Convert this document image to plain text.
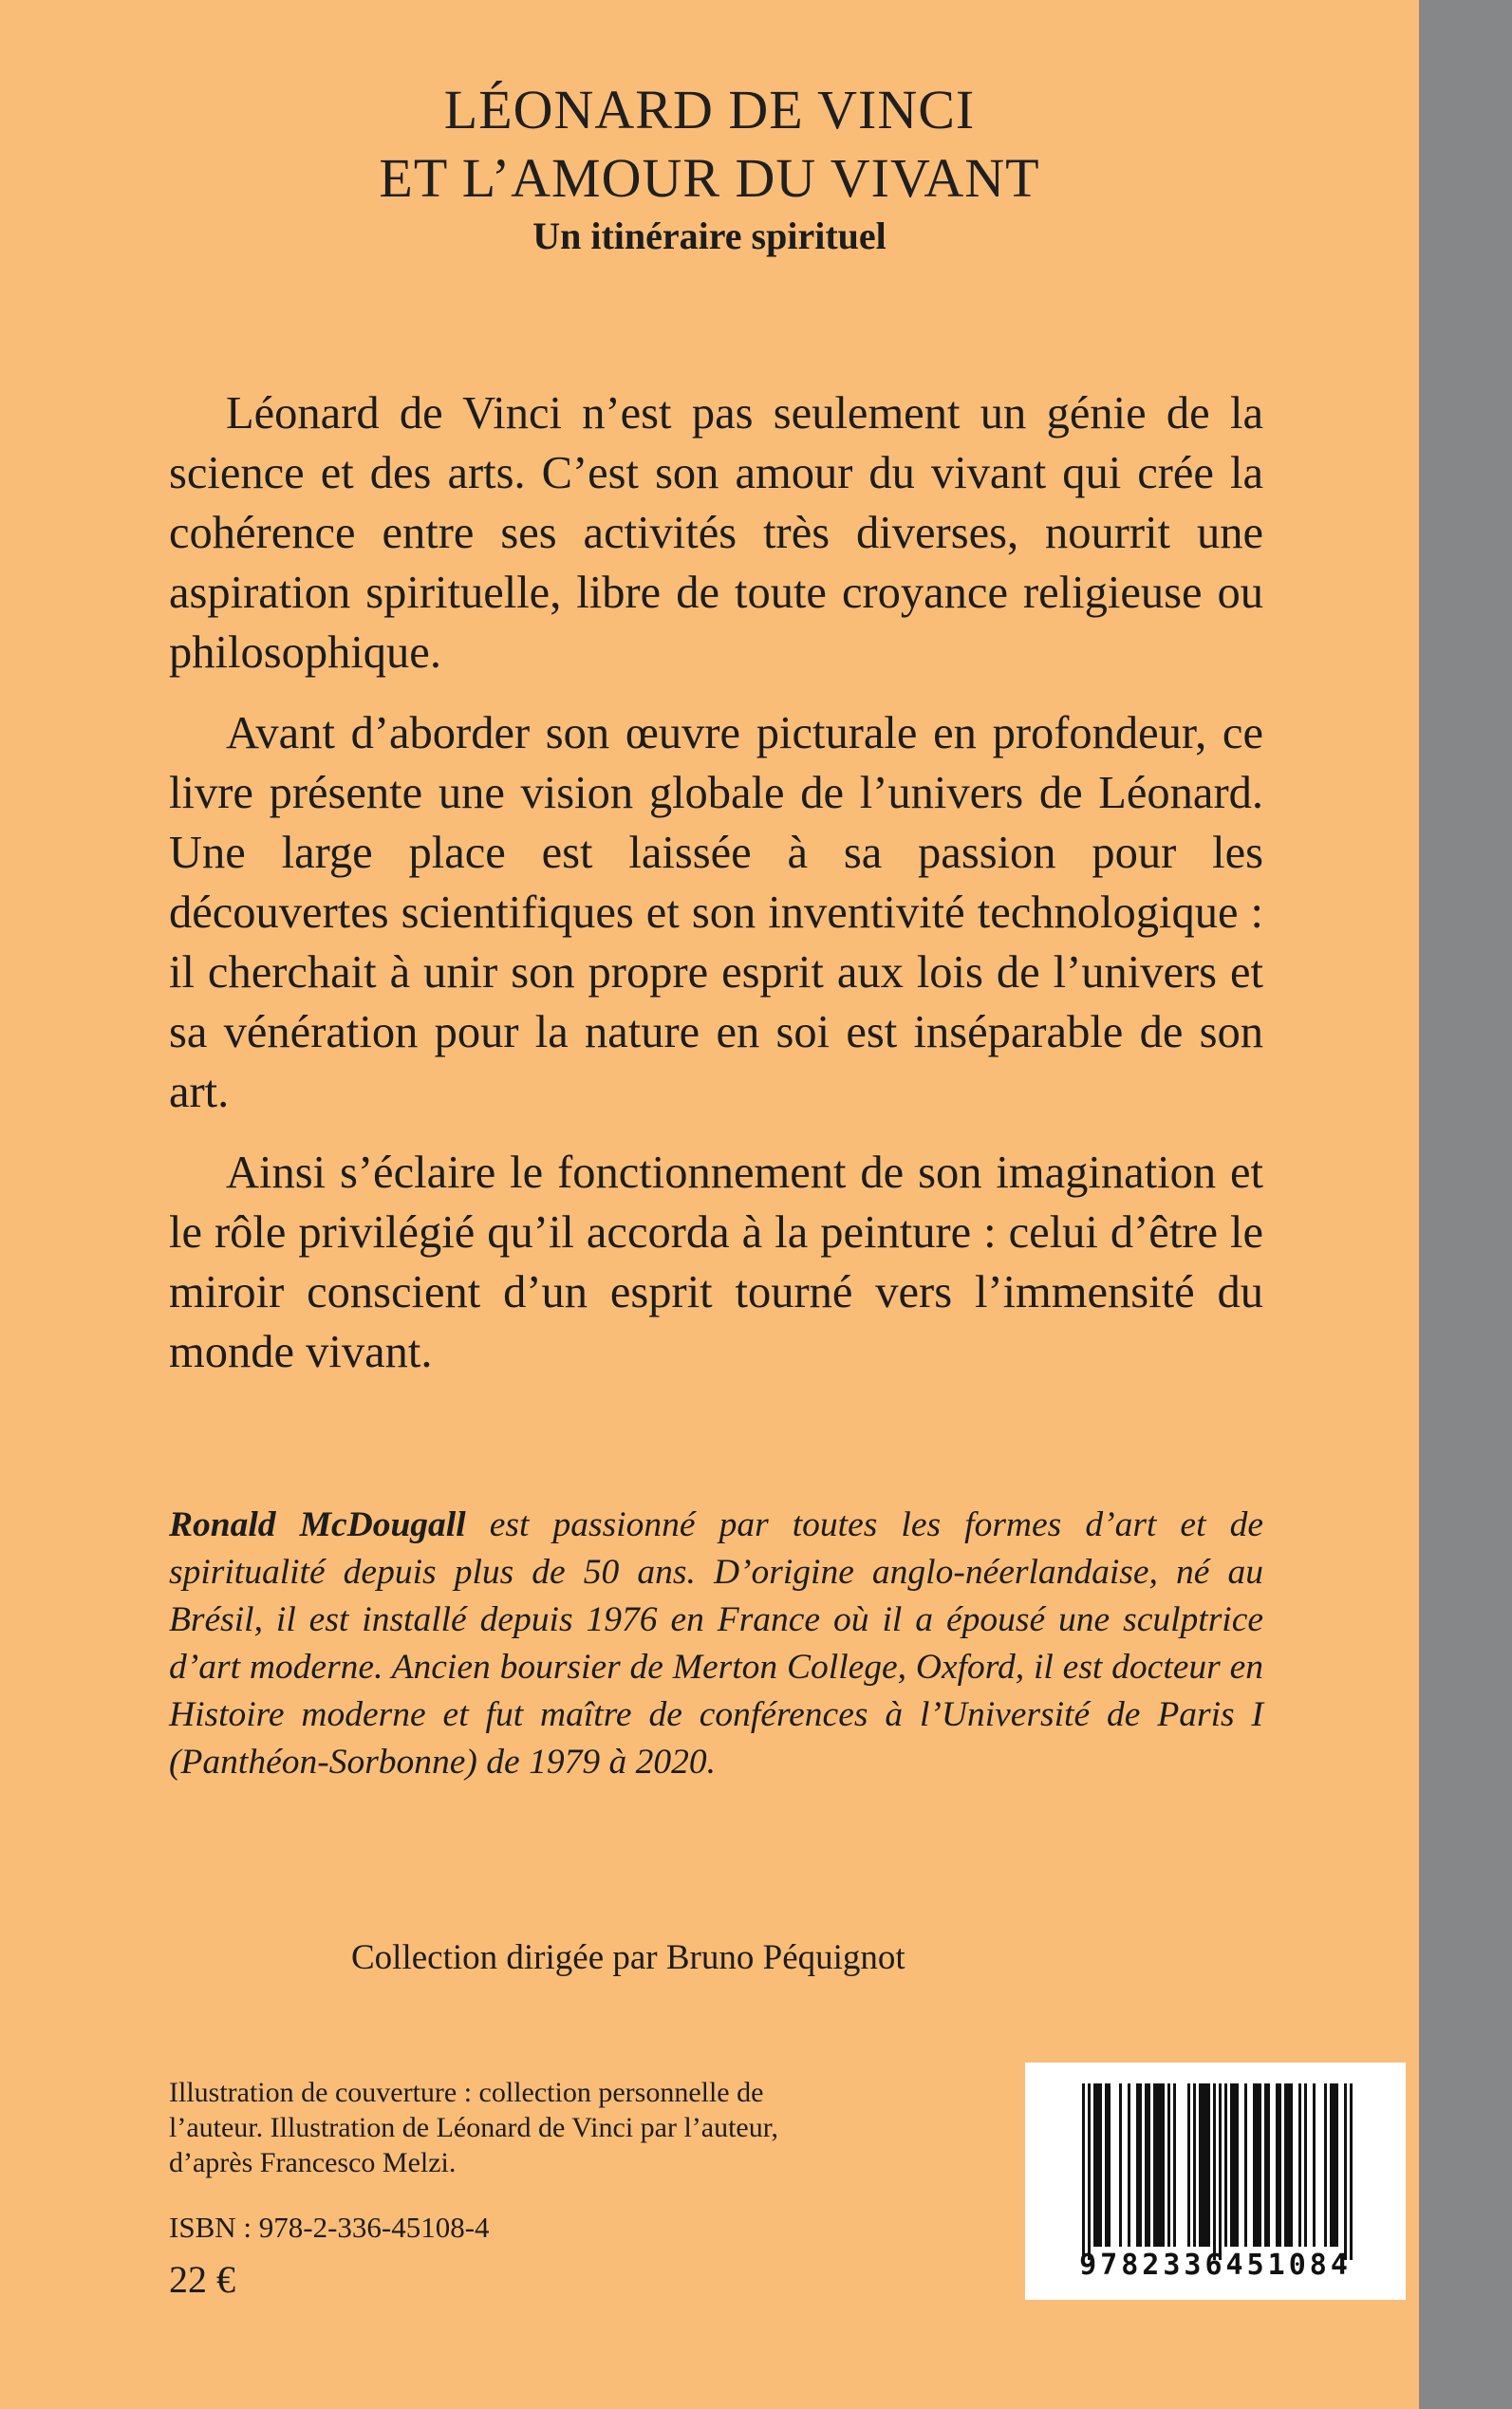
LÉONARD DE VINCI
ET L’AMOUR DU VIVANT
Un itinéraire spirituel

Léonard de Vinci n’est pas seulement un génie de la science et des arts. C’est son amour du vivant qui crée la cohérence entre ses activités très diverses, nourrit une aspiration spirituelle, libre de toute croyance religieuse ou philosophique.

Avant d’aborder son œuvre picturale en profondeur, ce livre présente une vision globale de l’univers de Léonard. Une large place est laissée à sa passion pour les découvertes scientifiques et son inventivité technologique : il cherchait à unir son propre esprit aux lois de l’univers et sa vénération pour la nature en soi est inséparable de son art.

Ainsi s’éclaire le fonctionnement de son imagination et le rôle privilégié qu’il accorda à la peinture : celui d’être le miroir conscient d’un esprit tourné vers l’immensité du monde vivant.

Ronald McDougall est passionné par toutes les formes d’art et de spiritualité depuis plus de 50 ans. D’origine anglo-néerlandaise, né au Brésil, il est installé depuis 1976 en France où il a épousé une sculptrice d’art moderne. Ancien boursier de Merton College, Oxford, il est docteur en Histoire moderne et fut maître de conférences à l’Université de Paris I (Panthéon-Sorbonne) de 1979 à 2020.
Collection dirigée par Bruno Péquignot
Illustration de couverture : collection personnelle de l’auteur. Illustration de Léonard de Vinci par l’auteur, d’après Francesco Melzi.
ISBN : 978-2-336-45108-4
22 €	9782336451084
